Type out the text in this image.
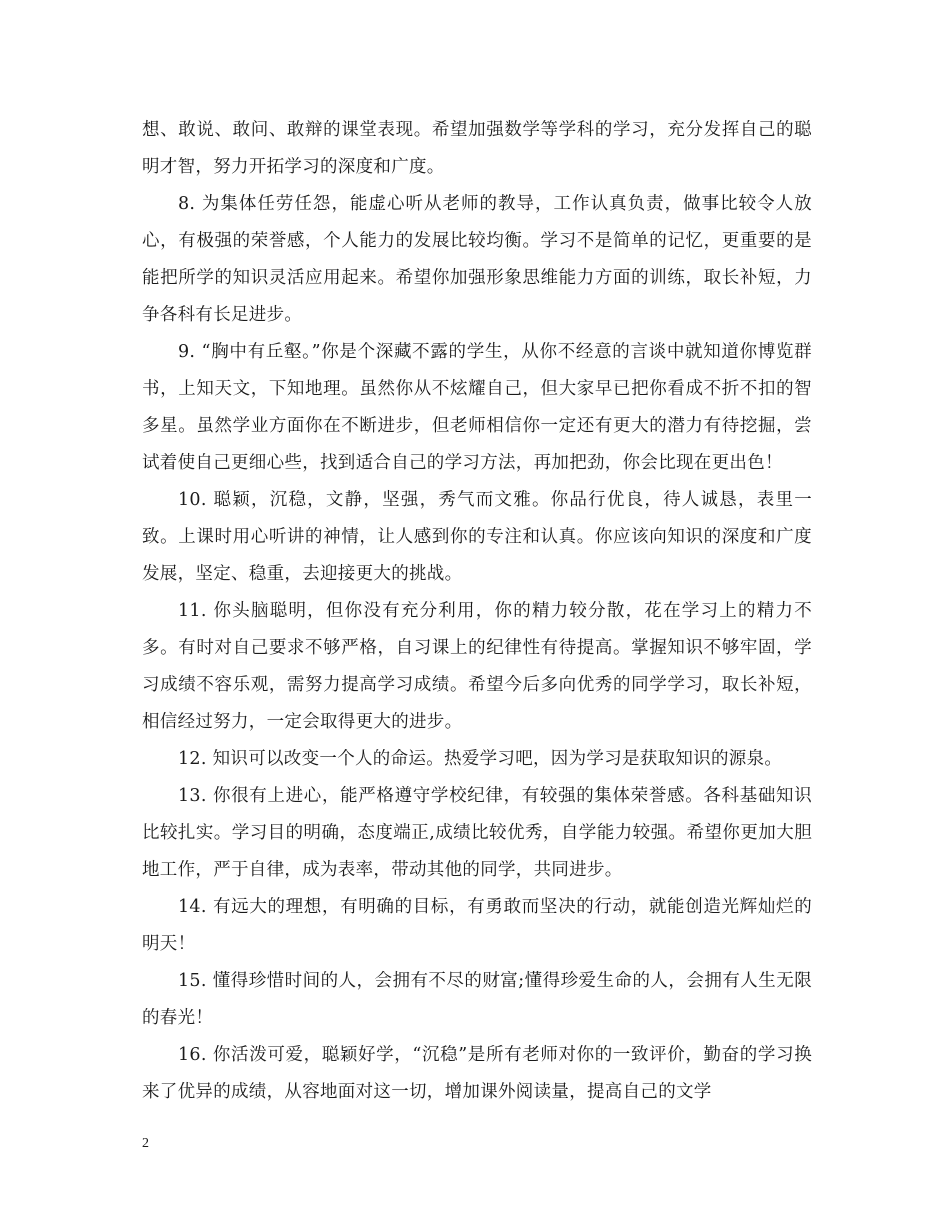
想、敢说、敢问、敢辩的课堂表现。希望加强数学等学科的学习，充分发挥自己的聪明才智，努力开拓学习的深度和广度。

8. 为集体任劳任怨，能虚心听从老师的教导，工作认真负责，做事比较令人放心，有极强的荣誉感，个人能力的发展比较均衡。学习不是简单的记忆，更重要的是能把所学的知识灵活应用起来。希望你加强形象思维能力方面的训练，取长补短，力争各科有长足进步。

9. “胸中有丘壑。”你是个深藏不露的学生，从你不经意的言谈中就知道你博览群书，上知天文，下知地理。虽然你从不炫耀自己，但大家早已把你看成不折不扣的智多星。虽然学业方面你在不断进步，但老师相信你一定还有更大的潜力有待挖掘，尝试着使自己更细心些，找到适合自己的学习方法，再加把劲，你会比现在更出色！

10. 聪颖，沉稳，文静，坚强，秀气而文雅。你品行优良，待人诚恳，表里一致。上课时用心听讲的神情，让人感到你的专注和认真。你应该向知识的深度和广度发展，坚定、稳重，去迎接更大的挑战。

11. 你头脑聪明，但你没有充分利用，你的精力较分散，花在学习上的精力不多。有时对自己要求不够严格，自习课上的纪律性有待提高。掌握知识不够牢固，学习成绩不容乐观，需努力提高学习成绩。希望今后多向优秀的同学学习，取长补短，相信经过努力，一定会取得更大的进步。

12. 知识可以改变一个人的命运。热爱学习吧，因为学习是获取知识的源泉。

13. 你很有上进心，能严格遵守学校纪律，有较强的集体荣誉感。各科基础知识比较扎实。学习目的明确，态度端正,成绩比较优秀，自学能力较强。希望你更加大胆地工作，严于自律，成为表率，带动其他的同学，共同进步。

14. 有远大的理想，有明确的目标，有勇敢而坚决的行动，就能创造光辉灿烂的明天！

15. 懂得珍惜时间的人，会拥有不尽的财富;懂得珍爱生命的人，会拥有人生无限的春光！

16. 你活泼可爱，聪颖好学，“沉稳”是所有老师对你的一致评价，勤奋的学习换来了优异的成绩，从容地面对这一切，增加课外阅读量，提高自己的文学

2
